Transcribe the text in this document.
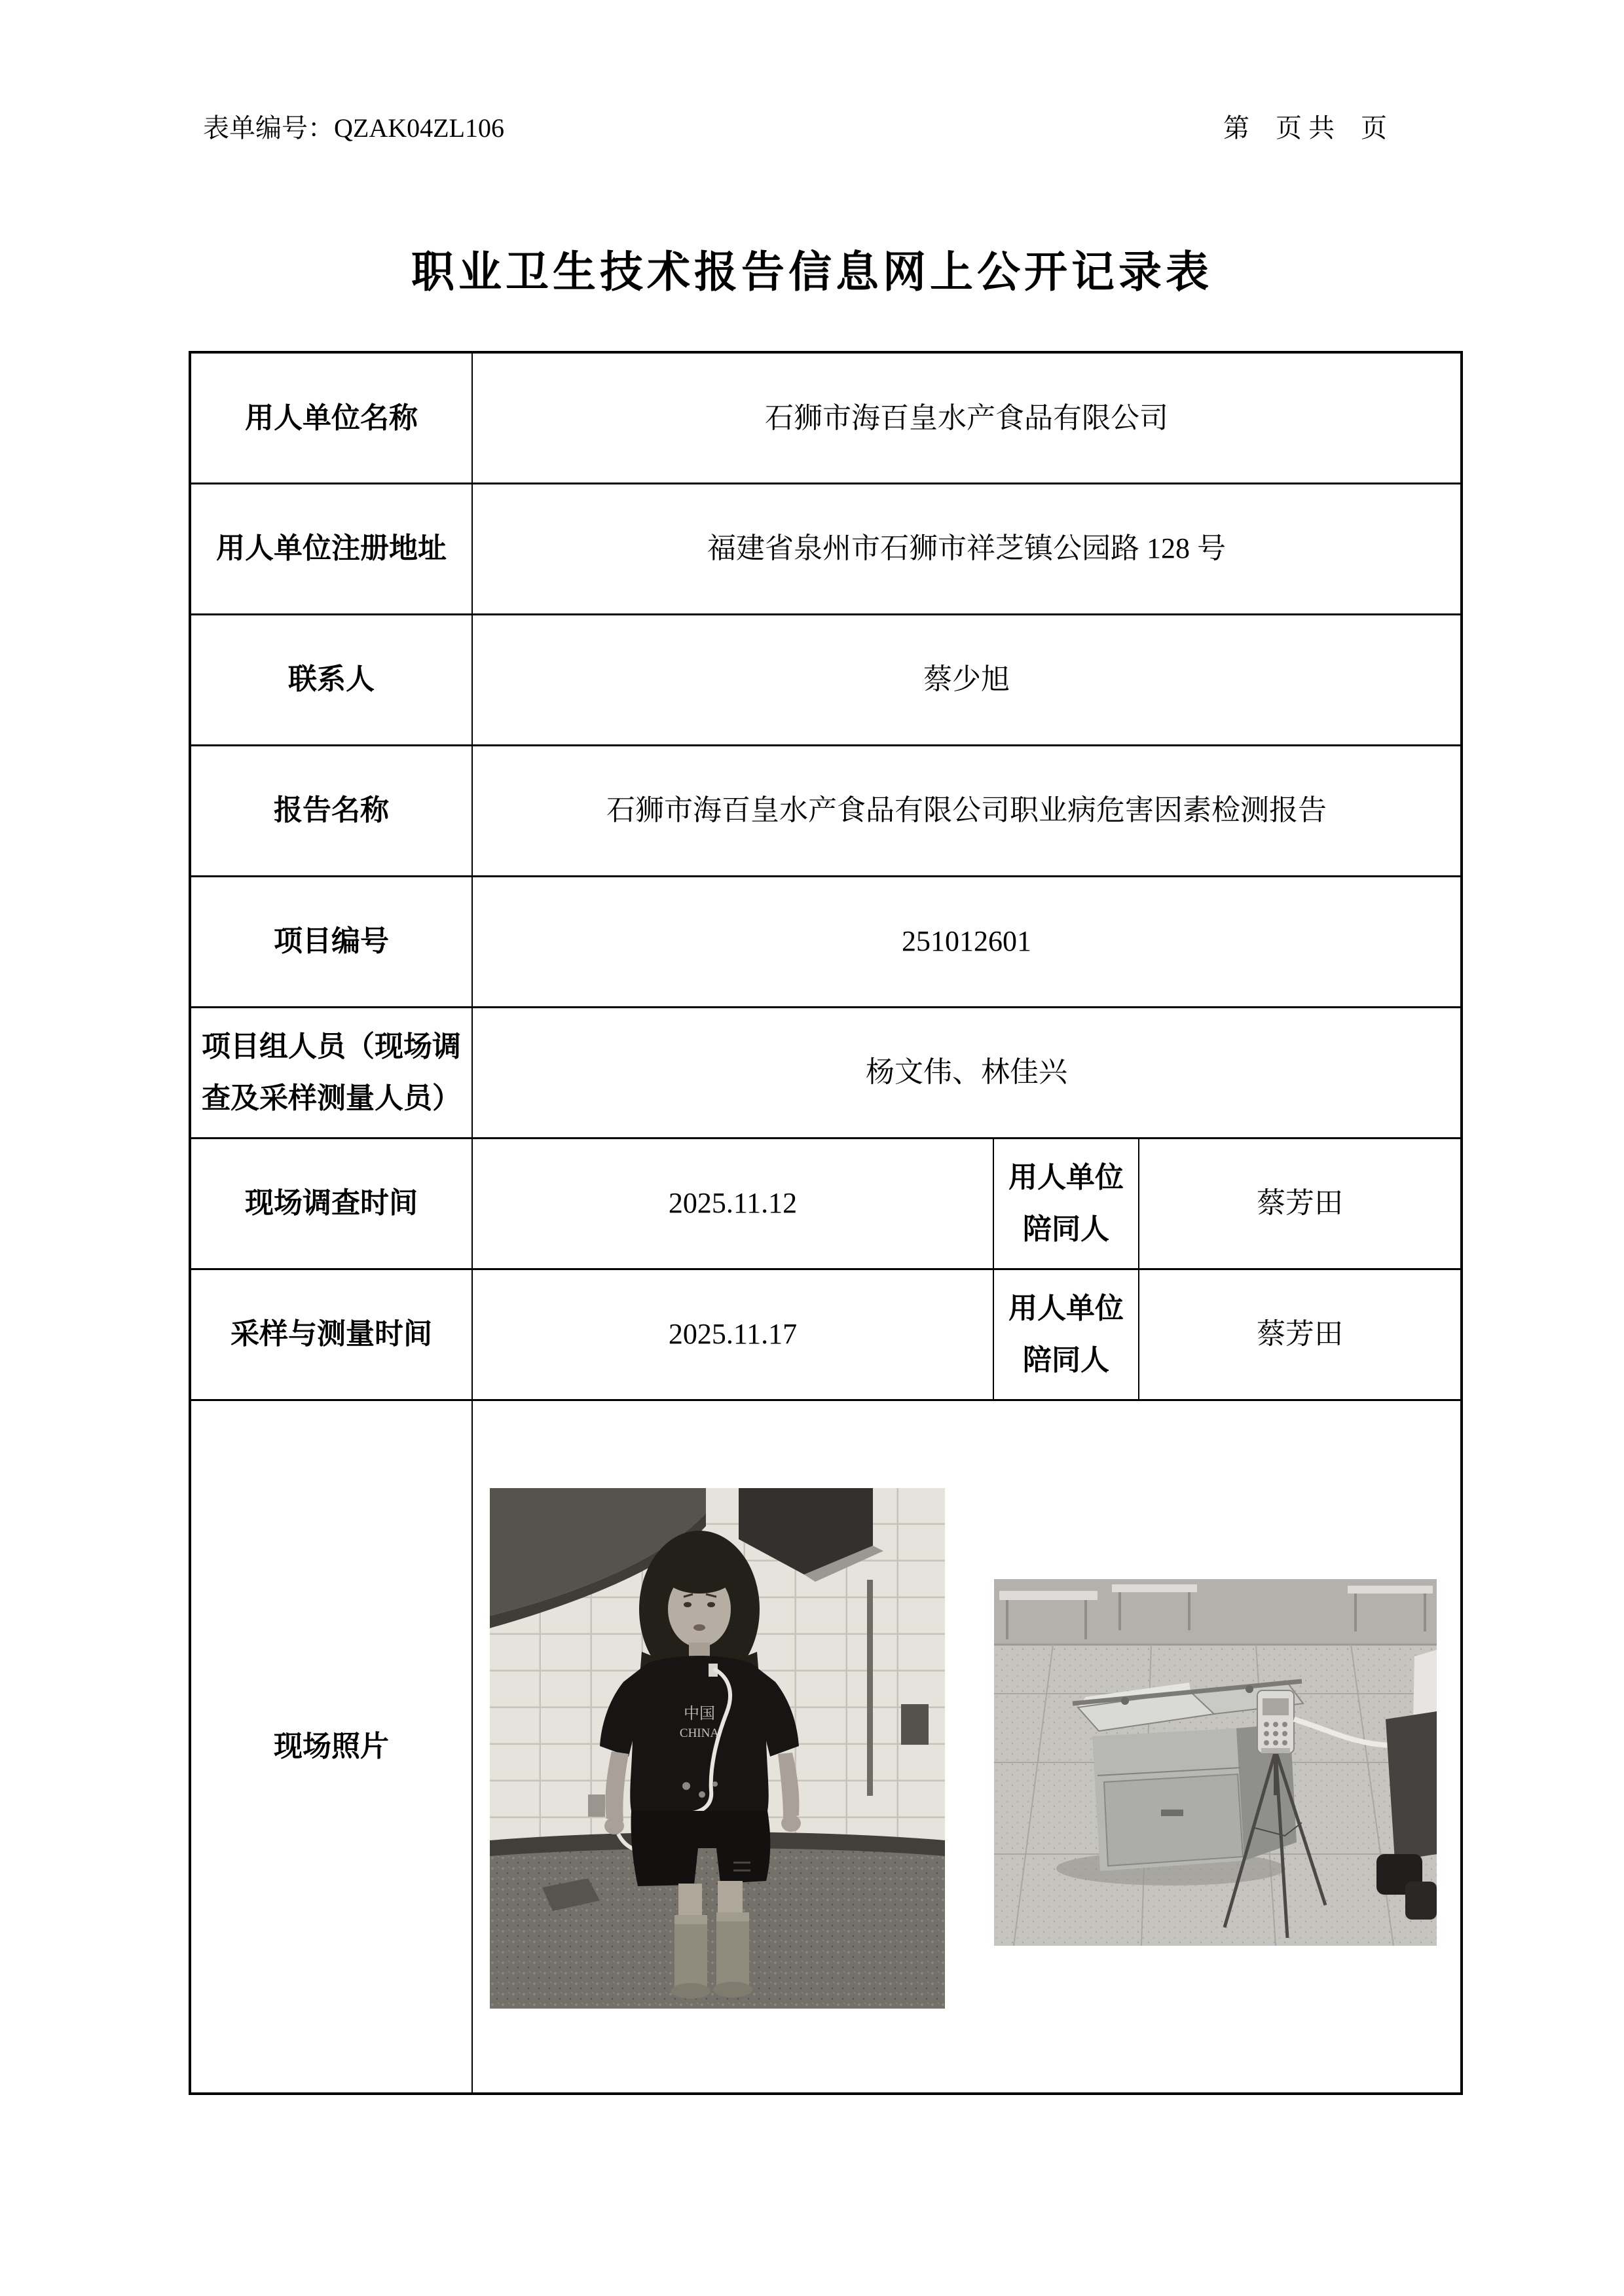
表单编号：QZAK04ZL106	第　页 共　页
职业卫生技术报告信息网上公开记录表
用人单位名称	石狮市海百皇水产食品有限公司		
用人单位注册地址	福建省泉州市石狮市祥芝镇公园路 128 号		
联系人	蔡少旭		
报告名称	石狮市海百皇水产食品有限公司职业病危害因素检测报告		
项目编号	251012601		
项目组人员（现场调查及采样测量人员）	杨文伟、林佳兴		
现场调查时间	2025.11.12	用人单位陪同人	蔡芳田
采样与测量时间	2025.11.17	用人单位陪同人	蔡芳田
现场照片	中国
CHINA		
